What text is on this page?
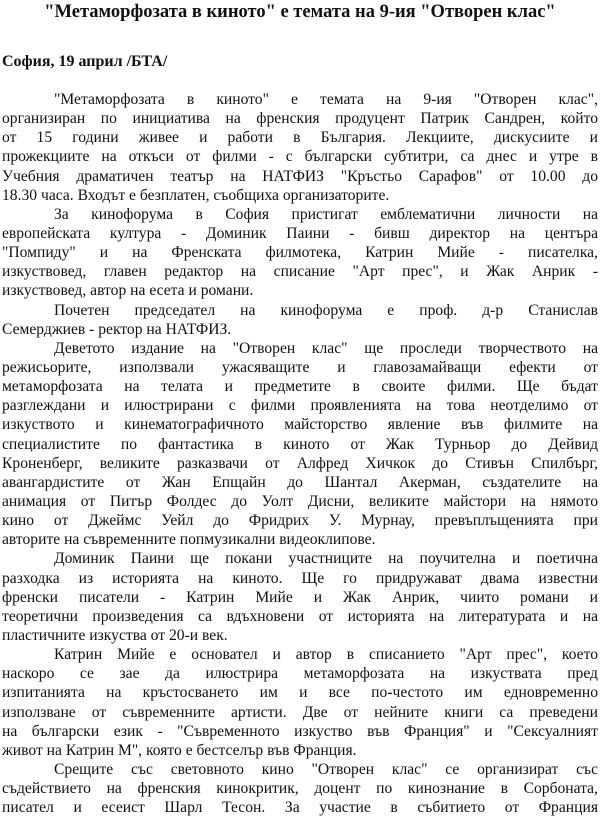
"Метаморфозата в киното" е темата на 9-ия "Отворен клас"
София, 19 април /БТА/
"Метаморфозата в киното" е темата на 9-ия "Отворен клас",
организиран по инициатива на френския продуцент Патрик Сандрен, който
от 15 години живее и работи в България. Лекциите, дискусиите и
прожекциите на откъси от филми - с български субтитри, са днес и утре в
Учебния драматичен театър на НАТФИЗ "Кръстьо Сарафов" от 10.00 до
18.30 часа. Входът е безплатен, съобщиха организаторите.
За кинофорума в София пристигат емблематични личности на
европейската култура - Доминик Паини - бивш директор на центъра
"Помпиду" и на Френската филмотека, Катрин Мийе - писателка,
изкуствовед, главен редактор на списание "Арт прес", и Жак Анрик -
изкуствовед, автор на есета и романи.
Почетен председател на кинофорума е проф. д-р Станислав
Семерджиев - ректор на НАТФИЗ.
Деветото издание на "Отворен клас" ще проследи творчеството на
режисьорите, използвали ужасяващите и главозамайващи ефекти от
метаморфозата на телата и предметите в своите филми. Ще бъдат
разглеждани и илюстрирани с филми проявленията на това неотделимо от
изкуството и кинематографичното майсторство явление във филмите на
специалистите по фантастика в киното от Жак Турньор до Дейвид
Кроненберг, великите разказвачи от Алфред Хичкок до Стивън Спилбърг,
авангардистите от Жан Епщайн до Шантал Акерман, създателите на
анимация от Питър Фолдес до Уолт Дисни, великите майстори на нямото
кино от Джеймс Уейл до Фридрих У. Мурнау, превъплъщенията при
авторите на съвременните попмузикални видеоклипове.
Доминик Паини ще покани участниците на поучителна и поетична
разходка из историята на киното. Ще го придружават двама известни
френски писатели - Катрин Мийе и Жак Анрик, чиито романи и
теоретични произведения са вдъхновени от историята на литературата и на
пластичните изкуства от 20-и век.
Катрин Мийе е основател и автор в списанието "Арт прес", което
наскоро се зае да илюстрира метаморфозата на изкуствата пред
изпитанията на кръстосването им и все по-честото им едновременно
използване от съвременните артисти. Две от нейните книги са преведени
на български език - "Съвременното изкуство във Франция" и "Сексуалният
живот на Катрин М", която е бестселър във Франция.
Срещите със световното кино "Отворен клас" се организират със
съдействието на френския кинокритик, доцент по кинознание в Сорбоната,
писател и есеист Шарл Тесон. За участие в събитието от Франция
